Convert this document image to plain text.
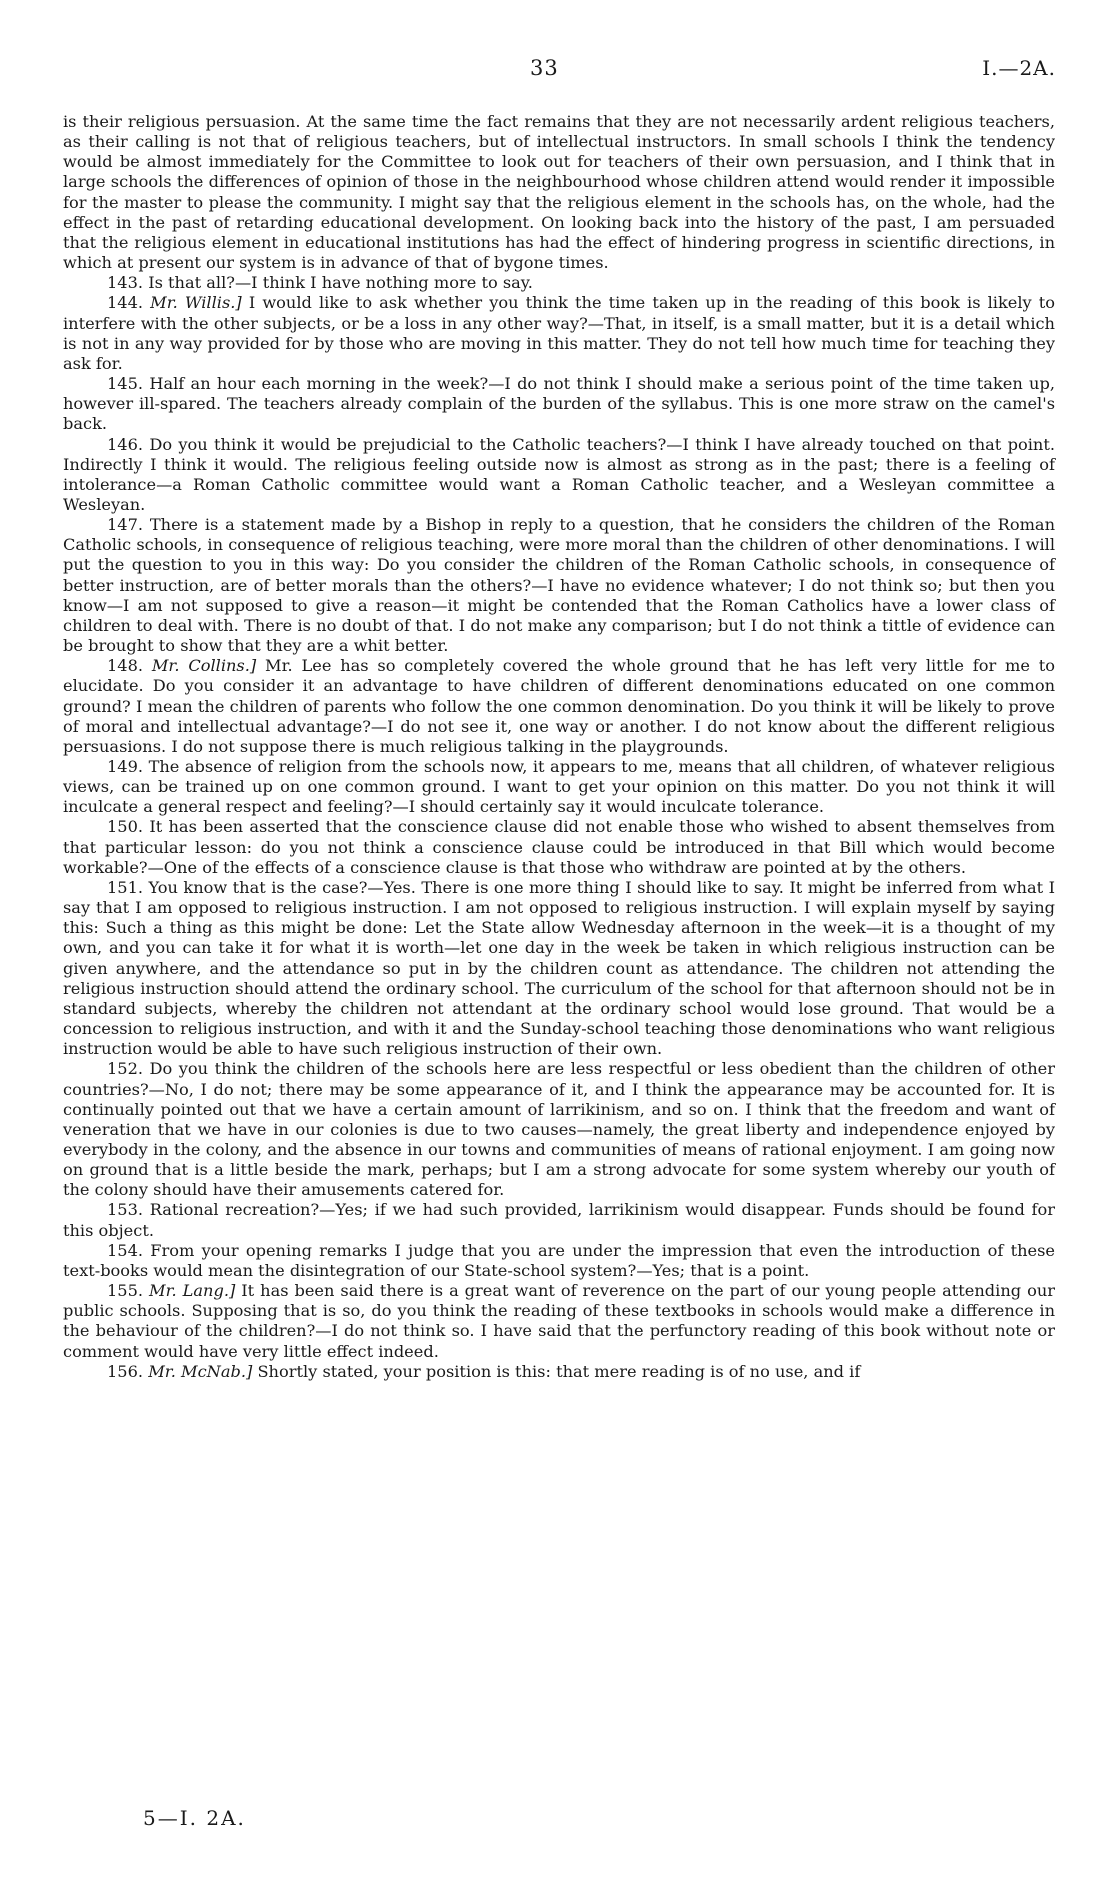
33	I.—2A.

is their religious persuasion. At the same time the fact remains that they are not necessarily ardent religious teachers, as their calling is not that of religious teachers, but of intellectual instructors. In small schools I think the tendency would be almost immediately for the Committee to look out for teachers of their own persuasion, and I think that in large schools the differences of opinion of those in the neighbourhood whose children attend would render it impossible for the master to please the community. I might say that the religious element in the schools has, on the whole, had the effect in the past of retarding educational development. On looking back into the history of the past, I am persuaded that the religious element in educational institutions has had the effect of hindering progress in scientific directions, in which at present our system is in advance of that of bygone times.

143. Is that all?—I think I have nothing more to say.

144. Mr. Willis.] I would like to ask whether you think the time taken up in the reading of this book is likely to interfere with the other subjects, or be a loss in any other way?—That, in itself, is a small matter, but it is a detail which is not in any way provided for by those who are moving in this matter. They do not tell how much time for teaching they ask for.

145. Half an hour each morning in the week?—I do not think I should make a serious point of the time taken up, however ill-spared. The teachers already complain of the burden of the syllabus. This is one more straw on the camel's back.

146. Do you think it would be prejudicial to the Catholic teachers?—I think I have already touched on that point. Indirectly I think it would. The religious feeling outside now is almost as strong as in the past; there is a feeling of intolerance—a Roman Catholic committee would want a Roman Catholic teacher, and a Wesleyan committee a Wesleyan.

147. There is a statement made by a Bishop in reply to a question, that he considers the children of the Roman Catholic schools, in consequence of religious teaching, were more moral than the children of other denominations. I will put the question to you in this way: Do you consider the children of the Roman Catholic schools, in consequence of better instruction, are of better morals than the others?—I have no evidence whatever; I do not think so; but then you know—I am not supposed to give a reason—it might be contended that the Roman Catholics have a lower class of children to deal with. There is no doubt of that. I do not make any comparison; but I do not think a tittle of evidence can be brought to show that they are a whit better.

148. Mr. Collins.] Mr. Lee has so completely covered the whole ground that he has left very little for me to elucidate. Do you consider it an advantage to have children of different denominations educated on one common ground? I mean the children of parents who follow the one common denomination. Do you think it will be likely to prove of moral and intellectual advantage?—I do not see it, one way or another. I do not know about the different religious persuasions. I do not suppose there is much religious talking in the playgrounds.

149. The absence of religion from the schools now, it appears to me, means that all children, of whatever religious views, can be trained up on one common ground. I want to get your opinion on this matter. Do you not think it will inculcate a general respect and feeling?—I should certainly say it would inculcate tolerance.

150. It has been asserted that the conscience clause did not enable those who wished to absent themselves from that particular lesson: do you not think a conscience clause could be introduced in that Bill which would become workable?—One of the effects of a conscience clause is that those who withdraw are pointed at by the others.

151. You know that is the case?—Yes. There is one more thing I should like to say. It might be inferred from what I say that I am opposed to religious instruction. I am not opposed to religious instruction. I will explain myself by saying this: Such a thing as this might be done: Let the State allow Wednesday afternoon in the week—it is a thought of my own, and you can take it for what it is worth—let one day in the week be taken in which religious instruction can be given anywhere, and the attendance so put in by the children count as attendance. The children not attending the religious instruction should attend the ordinary school. The curriculum of the school for that afternoon should not be in standard subjects, whereby the children not attendant at the ordinary school would lose ground. That would be a concession to religious instruction, and with it and the Sunday-school teaching those denominations who want religious instruction would be able to have such religious instruction of their own.

152. Do you think the children of the schools here are less respectful or less obedient than the children of other countries?—No, I do not; there may be some appearance of it, and I think the appearance may be accounted for. It is continually pointed out that we have a certain amount of larrikinism, and so on. I think that the freedom and want of veneration that we have in our colonies is due to two causes—namely, the great liberty and independence enjoyed by everybody in the colony, and the absence in our towns and communities of means of rational enjoyment. I am going now on ground that is a little beside the mark, perhaps; but I am a strong advocate for some system whereby our youth of the colony should have their amusements catered for.

153. Rational recreation?—Yes; if we had such provided, larrikinism would disappear. Funds should be found for this object.

154. From your opening remarks I judge that you are under the impression that even the introduction of these text-books would mean the disintegration of our State-school system?—Yes; that is a point.

155. Mr. Lang.] It has been said there is a great want of reverence on the part of our young people attending our public schools. Supposing that is so, do you think the reading of these textbooks in schools would make a difference in the behaviour of the children?—I do not think so. I have said that the perfunctory reading of this book without note or comment would have very little effect indeed.

156. Mr. McNab.] Shortly stated, your position is this: that mere reading is of no use, and if

5—I. 2A.
